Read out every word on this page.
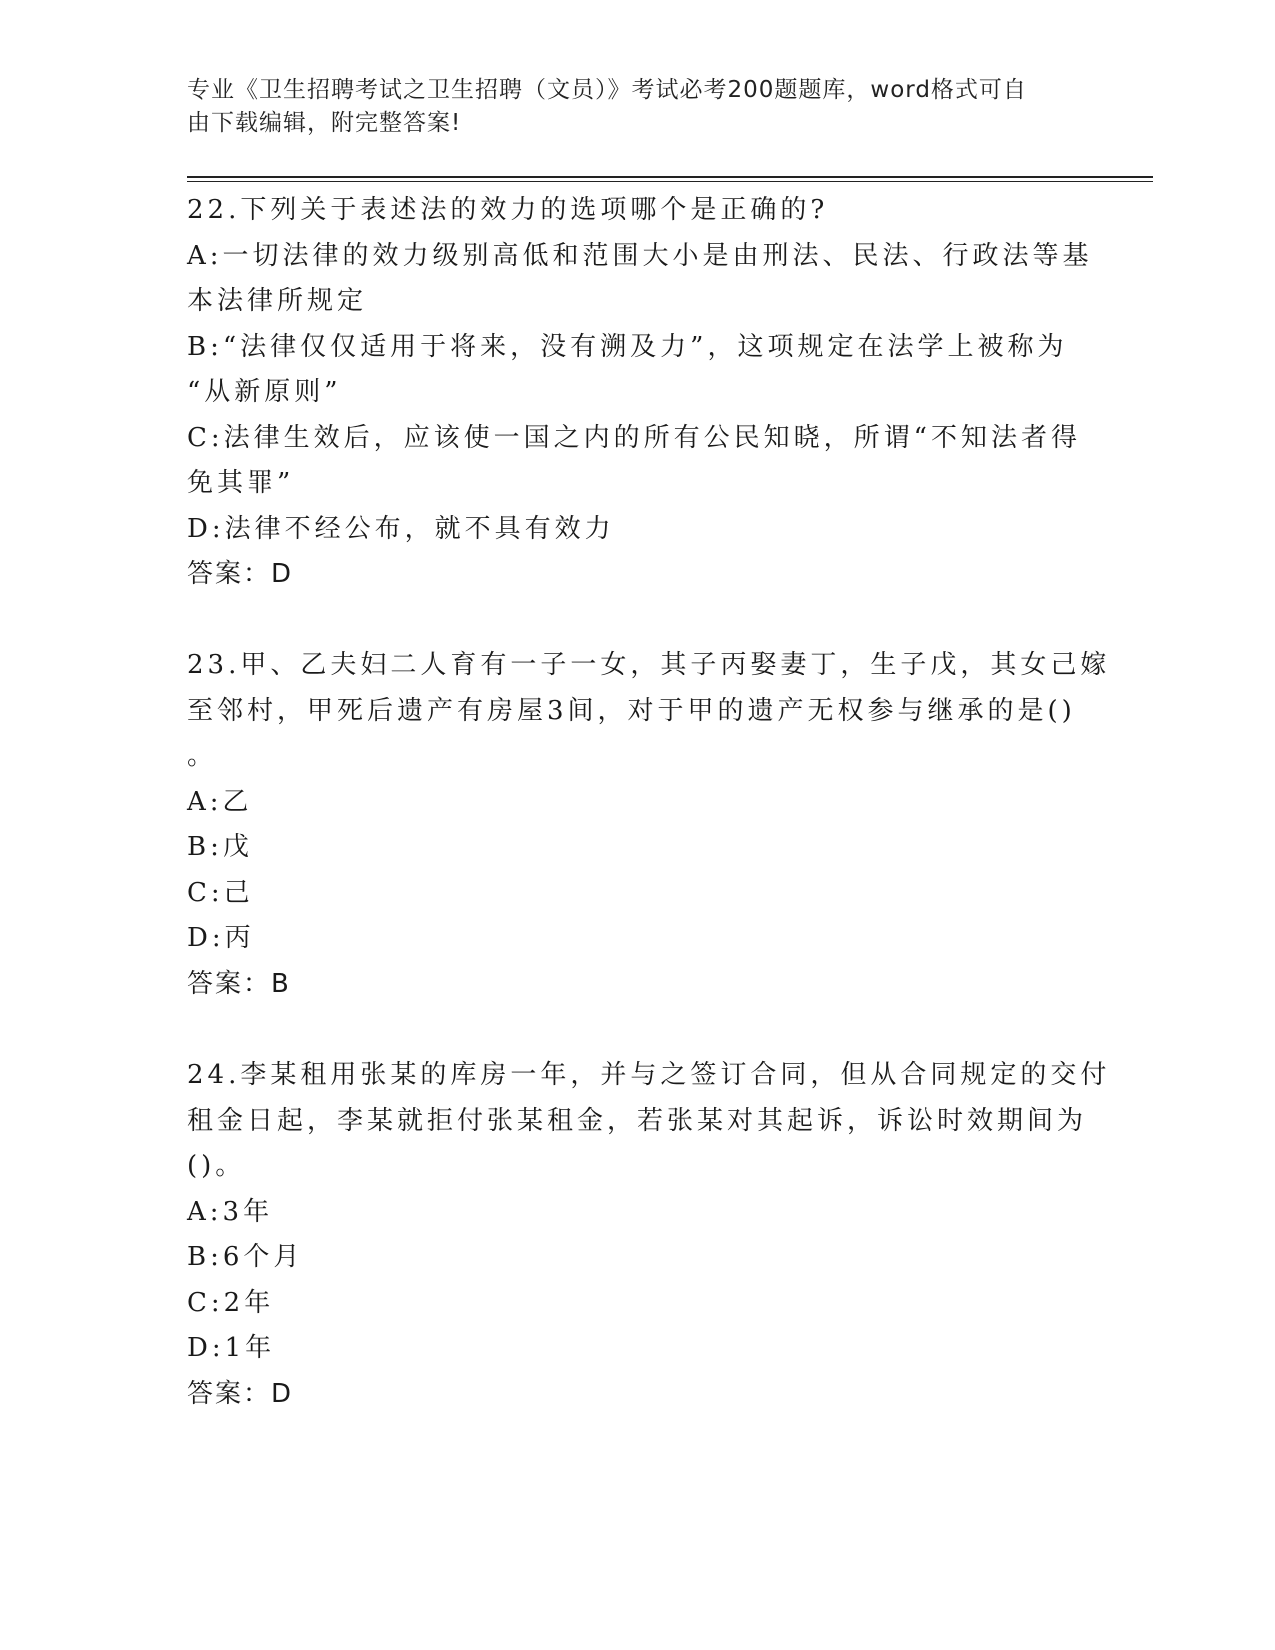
专业《卫生招聘考试之卫生招聘（文员）》考试必考200题题库，word格式可自
由下载编辑，附完整答案!
22.下列关于表述法的效力的选项哪个是正确的?
A:一切法律的效力级别高低和范围大小是由刑法、民法、行政法等基
本法律所规定
B:“法律仅仅适用于将来，没有溯及力”，这项规定在法学上被称为
“从新原则”
C:法律生效后，应该使一国之内的所有公民知晓，所谓“不知法者得
免其罪”
D:法律不经公布，就不具有效力
答案：D
23.甲、乙夫妇二人育有一子一女，其子丙娶妻丁，生子戊，其女己嫁
至邻村，甲死后遗产有房屋3间，对于甲的遗产无权参与继承的是()
。
A:乙
B:戊
C:己
D:丙
答案：B
24.李某租用张某的库房一年，并与之签订合同，但从合同规定的交付
租金日起，李某就拒付张某租金，若张某对其起诉，诉讼时效期间为
()。
A:3年
B:6个月
C:2年
D:1年
答案：D
